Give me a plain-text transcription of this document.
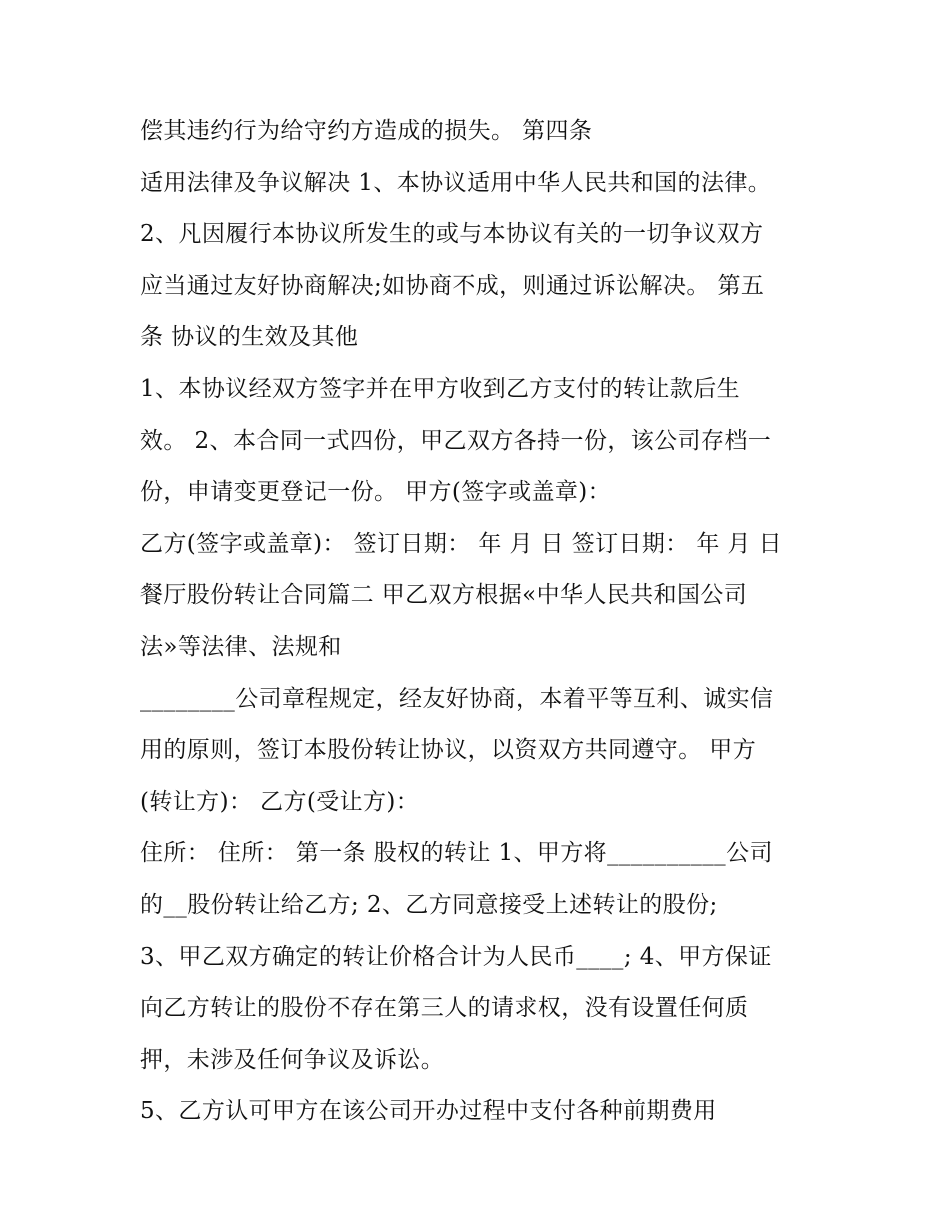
偿其违约行为给守约方造成的损失。 第四条
适用法律及争议解决 1、本协议适用中华人民共和国的法律。
2、凡因履行本协议所发生的或与本协议有关的一切争议双方
应当通过友好协商解决;如协商不成，则通过诉讼解决。 第五
条 协议的生效及其他
1、本协议经双方签字并在甲方收到乙方支付的转让款后生
效。 2、本合同一式四份，甲乙双方各持一份，该公司存档一
份，申请变更登记一份。 甲方(签字或盖章)：
乙方(签字或盖章)： 签订日期： 年 月 日 签订日期： 年 月 日
餐厅股份转让合同篇二 甲乙双方根据«中华人民共和国公司
法»等法律、法规和
________公司章程规定，经友好协商，本着平等互利、诚实信
用的原则，签订本股份转让协议，以资双方共同遵守。 甲方
(转让方)： 乙方(受让方)：
住所： 住所： 第一条 股权的转让 1、甲方将__________公司
的__股份转让给乙方; 2、乙方同意接受上述转让的股份;
3、甲乙双方确定的转让价格合计为人民币____; 4、甲方保证
向乙方转让的股份不存在第三人的请求权，没有设置任何质
押，未涉及任何争议及诉讼。
5、乙方认可甲方在该公司开办过程中支付各种前期费用
